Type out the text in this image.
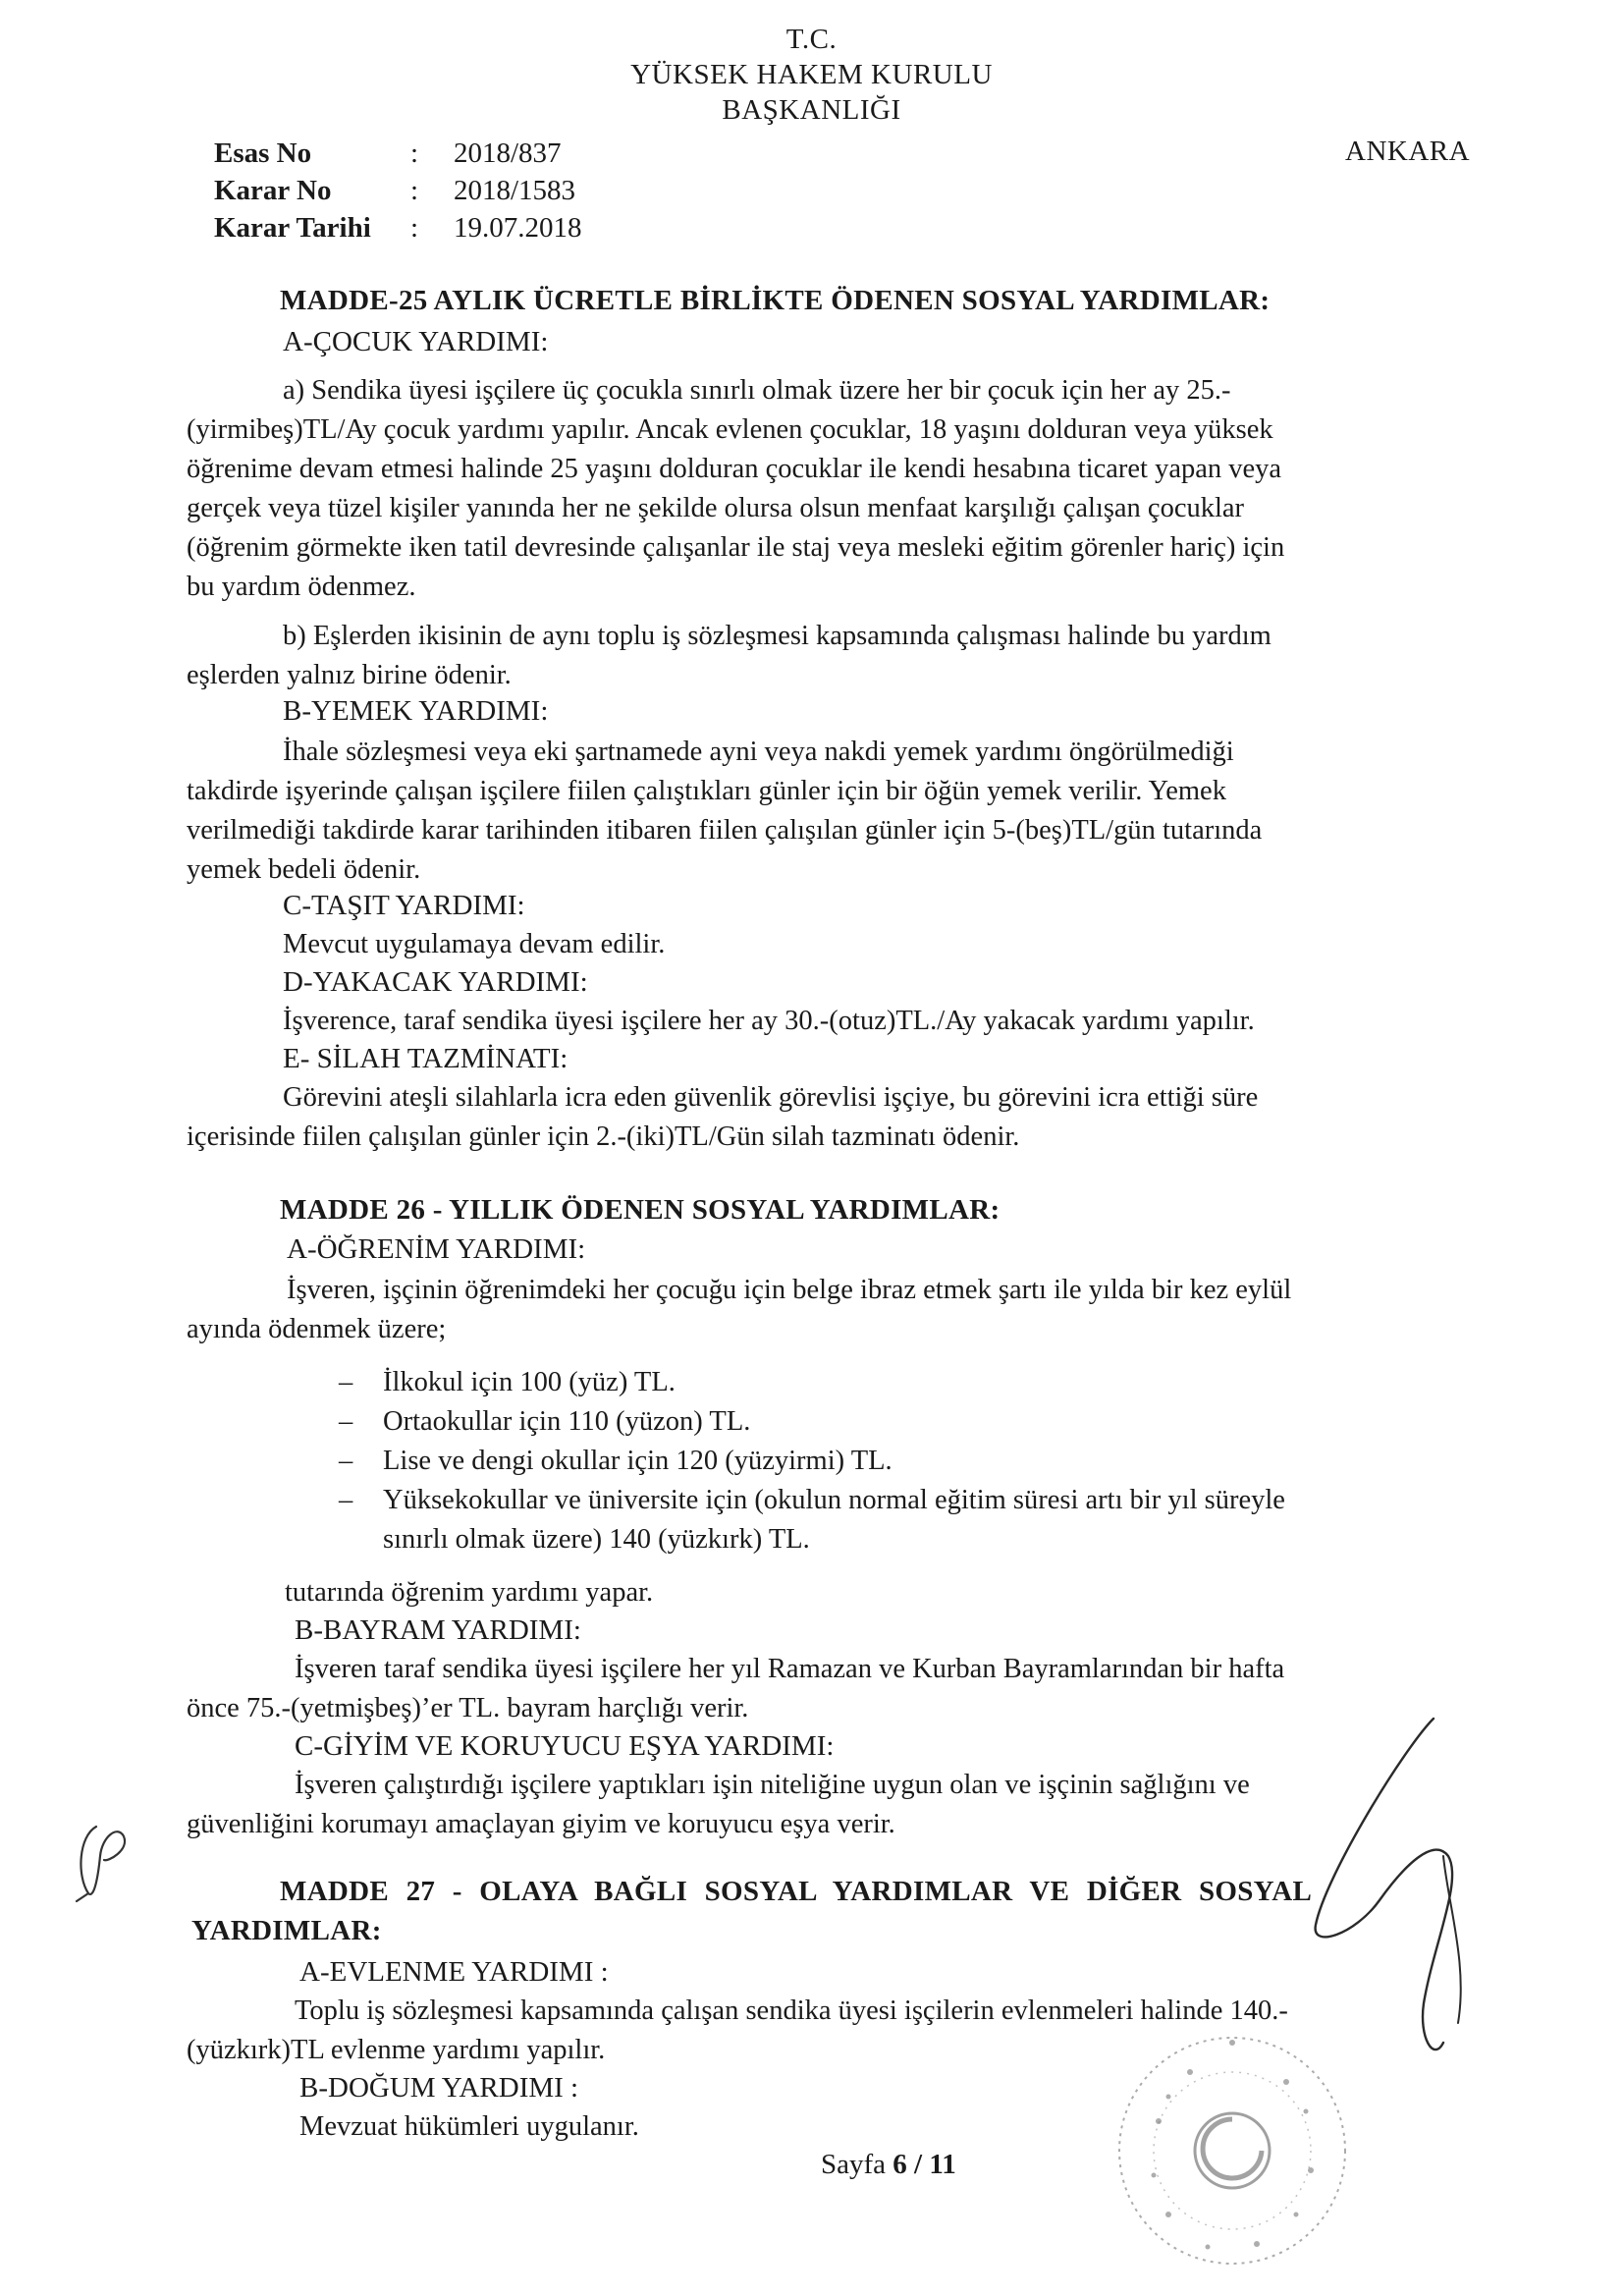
T.C.
YÜKSEK HAKEM KURULU
BAŞKANLIĞI
ANKARA
Esas No	: 2018/837
Karar No	: 2018/1583
Karar Tarihi : 19.07.2018
MADDE-25 AYLIK ÜCRETLE BİRLİKTE ÖDENEN SOSYAL YARDIMLAR:
A-ÇOCUK YARDIMI:
a) Sendika üyesi işçilere üç çocukla sınırlı olmak üzere her bir çocuk için her ay 25.-
(yirmibeş)TL/Ay çocuk yardımı yapılır. Ancak evlenen çocuklar, 18 yaşını dolduran veya yüksek
öğrenime devam etmesi halinde 25 yaşını dolduran çocuklar ile kendi hesabına ticaret yapan veya
gerçek veya tüzel kişiler yanında her ne şekilde olursa olsun menfaat karşılığı çalışan çocuklar
(öğrenim görmekte iken tatil devresinde çalışanlar ile staj veya mesleki eğitim görenler hariç) için
bu yardım ödenmez.
b) Eşlerden ikisinin de aynı toplu iş sözleşmesi kapsamında çalışması halinde bu yardım
eşlerden yalnız birine ödenir.
B-YEMEK YARDIMI:
İhale sözleşmesi veya eki şartnamede ayni veya nakdi yemek yardımı öngörülmediği
takdirde işyerinde çalışan işçilere fiilen çalıştıkları günler için bir öğün yemek verilir. Yemek
verilmediği takdirde karar tarihinden itibaren fiilen çalışılan günler için 5-(beş)TL/gün tutarında
yemek bedeli ödenir.
C-TAŞIT YARDIMI:
Mevcut uygulamaya devam edilir.
D-YAKACAK YARDIMI:
İşverence, taraf sendika üyesi işçilere her ay 30.-(otuz)TL./Ay yakacak yardımı yapılır.
E- SİLAH TAZMİNATI:
Görevini ateşli silahlarla icra eden güvenlik görevlisi işçiye, bu görevini icra ettiği süre
içerisinde fiilen çalışılan günler için 2.-(iki)TL/Gün silah tazminatı ödenir.
MADDE 26 - YILLIK ÖDENEN SOSYAL YARDIMLAR:
A-ÖĞRENİM YARDIMI:
İşveren, işçinin öğrenimdeki her çocuğu için belge ibraz etmek şartı ile yılda bir kez eylül
ayında ödenmek üzere;
– İlkokul için 100 (yüz) TL.
– Ortaokullar için 110 (yüzon) TL.
– Lise ve dengi okullar için 120 (yüzyirmi) TL.
– Yüksekokullar ve üniversite için (okulun normal eğitim süresi artı bir yıl süreyle
sınırlı olmak üzere) 140 (yüzkırk) TL.
tutarında öğrenim yardımı yapar.
B-BAYRAM YARDIMI:
İşveren taraf sendika üyesi işçilere her yıl Ramazan ve Kurban Bayramlarından bir hafta
önce 75.-(yetmişbeş)’er TL. bayram harçlığı verir.
C-GİYİM VE KORUYUCU EŞYA YARDIMI:
İşveren çalıştırdığı işçilere yaptıkları işin niteliğine uygun olan ve işçinin sağlığını ve
güvenliğini korumayı amaçlayan giyim ve koruyucu eşya verir.
MADDE 27 - OLAYA BAĞLI SOSYAL YARDIMLAR VE DİĞER SOSYAL
YARDIMLAR:
A-EVLENME YARDIMI :
Toplu iş sözleşmesi kapsamında çalışan sendika üyesi işçilerin evlenmeleri halinde 140.-
(yüzkırk)TL evlenme yardımı yapılır.
B-DOĞUM YARDIMI :
Mevzuat hükümleri uygulanır.
Sayfa 6 / 11
